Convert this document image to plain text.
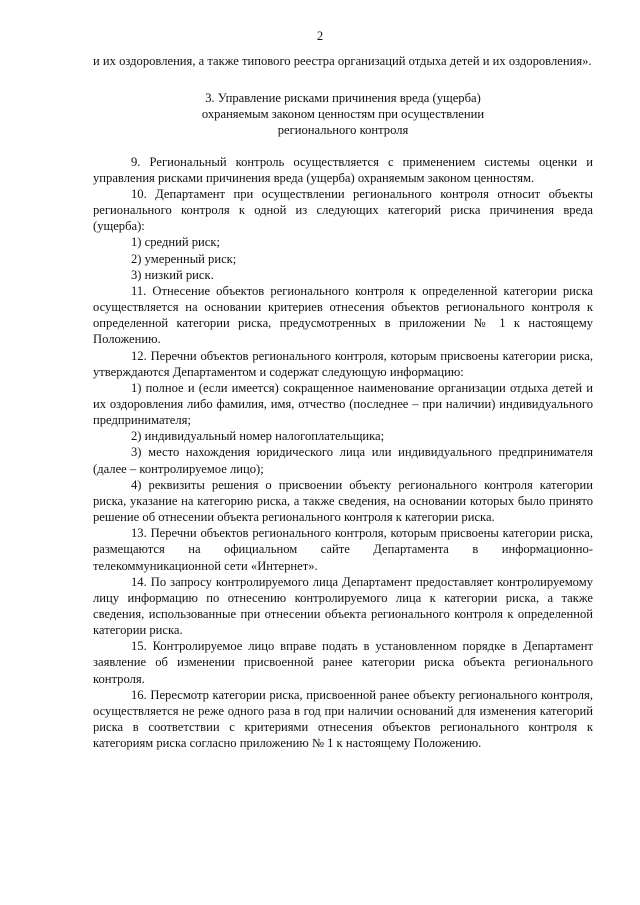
2

и их оздоровления, а также типового реестра организаций отдыха детей и их оздоровления».

3. Управление рисками причинения вреда (ущерба)
охраняемым законом ценностям при осуществлении
регионального контроля

9. Региональный контроль осуществляется с применением системы оценки и управления рисками причинения вреда (ущерба) охраняемым законом ценностям.

10. Департамент при осуществлении регионального контроля относит объекты регионального контроля к одной из следующих категорий риска причинения вреда (ущерба):

1) средний риск;

2) умеренный риск;

3) низкий риск.

11. Отнесение объектов регионального контроля к определенной категории риска осуществляется на основании критериев отнесения объектов регионального контроля к определенной категории риска, предусмотренных в приложении № 1 к настоящему Положению.

12. Перечни объектов регионального контроля, которым присвоены категории риска, утверждаются Департаментом и содержат следующую информацию:

1) полное и (если имеется) сокращенное наименование организации отдыха детей и их оздоровления либо фамилия, имя, отчество (последнее – при наличии) индивидуального предпринимателя;

2) индивидуальный номер налогоплательщика;

3) место нахождения юридического лица или индивидуального предпринимателя (далее – контролируемое лицо);

4) реквизиты решения о присвоении объекту регионального контроля категории риска, указание на категорию риска, а также сведения, на основании которых было принято решение об отнесении объекта регионального контроля к категории риска.

13. Перечни объектов регионального контроля, которым присвоены категории риска, размещаются на официальном сайте Департамента в информационно-телекоммуникационной сети «Интернет».

14. По запросу контролируемого лица Департамент предоставляет контролируемому лицу информацию по отнесению контролируемого лица к категории риска, а также сведения, использованные при отнесении объекта регионального контроля к определенной категории риска.

15. Контролируемое лицо вправе подать в установленном порядке в Департамент заявление об изменении присвоенной ранее категории риска объекта регионального контроля.

16. Пересмотр категории риска, присвоенной ранее объекту регионального контроля, осуществляется не реже одного раза в год при наличии оснований для изменения категорий риска в соответствии с критериями отнесения объектов регионального контроля к категориям риска согласно приложению № 1 к настоящему Положению.
